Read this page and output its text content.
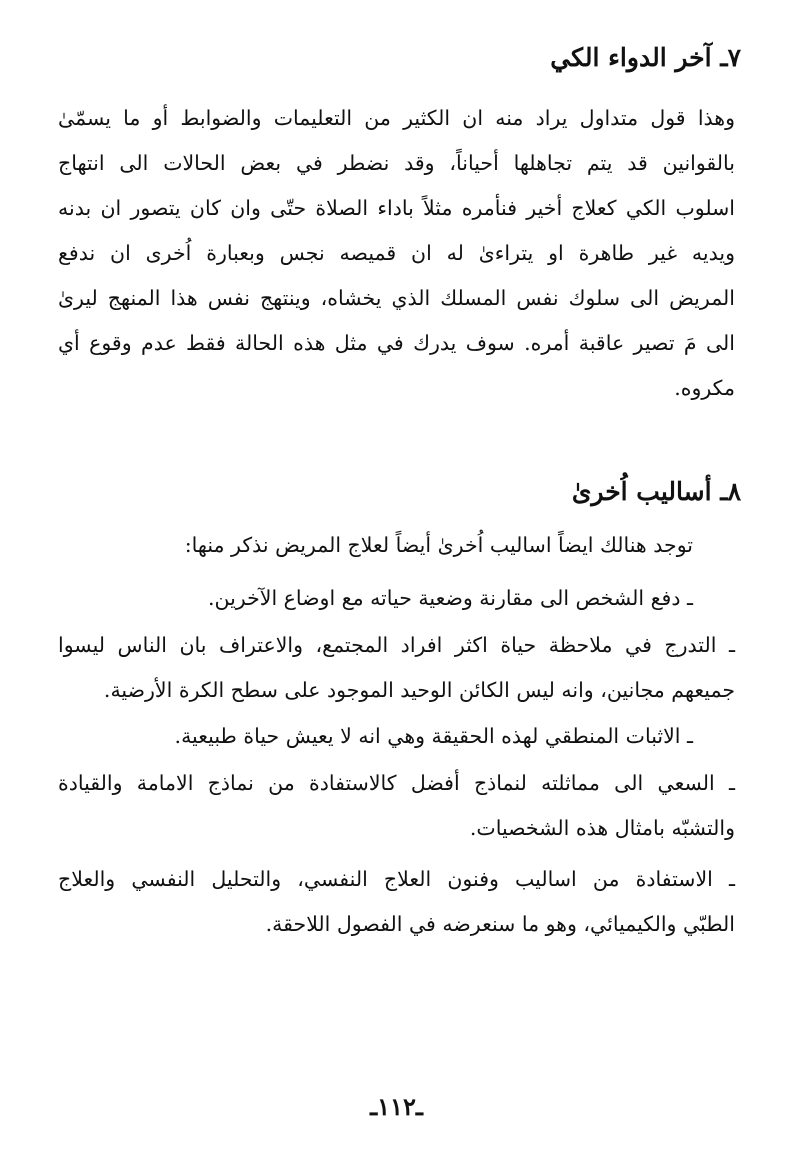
٧ـ آخر الدواء الكي

وهذا قول متداول يراد منه ان الكثير من التعليمات والضوابط أو ما يسمّىٰ

بالقوانين قد يتم تجاهلها أحياناً، وقد نضطر في بعض الحالات الى انتهاج

اسلوب الكي كعلاج أخير فنأمره مثلاً باداء الصلاة حتّى وان كان يتصور ان بدنه

ويديه غير طاهرة او يتراءىٰ له ان قميصه نجس وبعبارة اُخرى ان ندفع

المريض الى سلوك نفس المسلك الذي يخشاه، وينتهج نفس هذا المنهج ليرىٰ

الى مَ تصير عاقبة أمره. سوف يدرك في مثل هذه الحالة فقط عدم وقوع أي

مكروه.

٨ـ أساليب اُخرىٰ

توجد هنالك ايضاً اساليب اُخرىٰ أيضاً لعلاج المريض نذكر منها:

ـ دفع الشخص الى مقارنة وضعية حياته مع اوضاع الآخرين.

ـ التدرج في ملاحظة حياة اكثر افراد المجتمع، والاعتراف بان الناس ليسوا

جميعهم مجانين، وانه ليس الكائن الوحيد الموجود على سطح الكرة الأرضية.

ـ الاثبات المنطقي لهذه الحقيقة وهي انه لا يعيش حياة طبيعية.

ـ السعي الى مماثلته لنماذج أفضل كالاستفادة من نماذج الامامة والقيادة

والتشبّه بامثال هذه الشخصيات.

ـ الاستفادة من اساليب وفنون العلاج النفسي، والتحليل النفسي والعلاج

الطبّي والكيميائي، وهو ما سنعرضه في الفصول اللاحقة.

ـ١١٢ـ
